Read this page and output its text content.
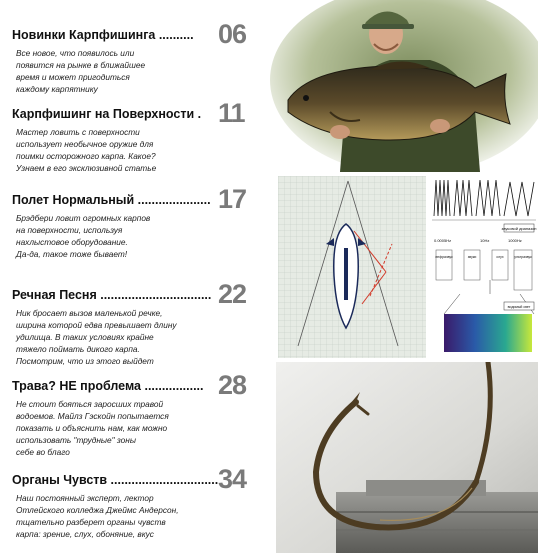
Новинки Карпфишинга .......... 06
Все новое, что появилось или
появится на рынке в ближайшее
время и может пригодиться
каждому карпятнику
Карпфишинг на Поверхности . 11
Мастер ловить с поверхности
использует необычное оружие для
поимки осторожного карпа. Какое?
Узнаем в его эксклюзивной статье
Полет Нормальный ..................... 17
Брэдбери ловит огромных карпов
на поверхности, используя
нахлыстовое оборудование.
Да-да, такое тоже бывает!
Речная Песня ................................ 22
Ник бросает вызов маленькой речке,
ширина которой едва превышает длину
удилища. В таких условиях крайне
тяжело поймать дикого карпа.
Посмотрим, что из этого выйдет
Трава? НЕ проблема ................. 28
Не стоит бояться заросших травой
водоемов. Майлз Гэскойн попытается
показать и объяснить нам, как можно
использовать "трудные" зоны
себе во благо
Органы Чувств ............................... 34
Наш постоянный эксперт, лектор
Отлейского колледжа Джеймс Андерсон,
тщательно разберет органы чувств
карпа: зрение, слух, обоняние, вкус
звуковой диапазон
0.0005Hz	10Hz	1000Hz
инфразвук	звуки	слух	ультразвук
видимый свет
